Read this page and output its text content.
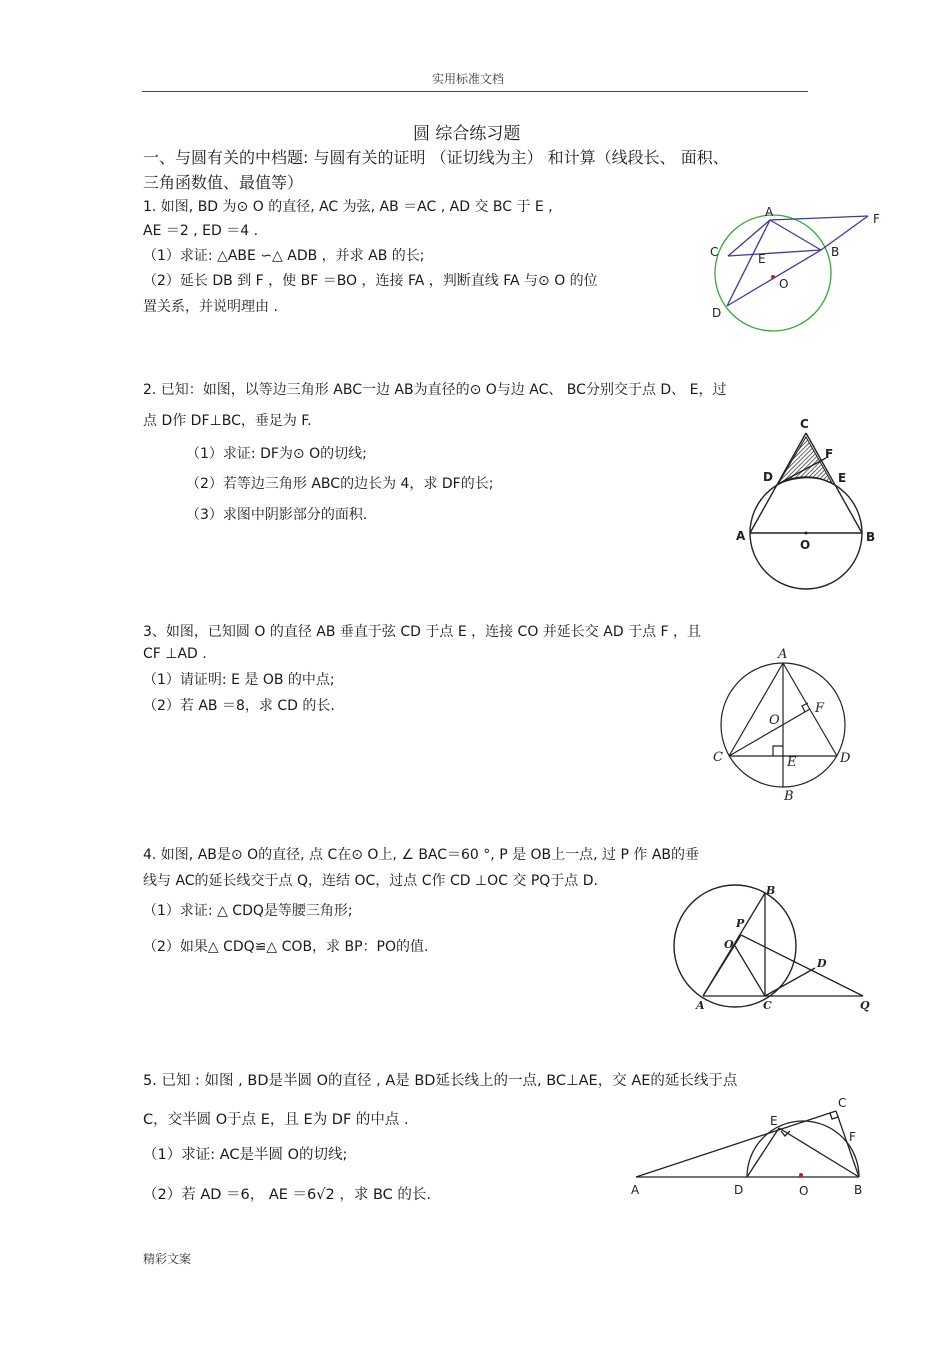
实用标准文档
圆 综合练习题
一、与圆有关的中档题: 与圆有关的证明 （证切线为主） 和计算（线段长、 面积、
三角函数值、最值等）
1. 如图, BD 为⊙ O 的直径, AC 为弦, AB ＝AC , AD 交 BC 于 E ,
AE ＝2 , ED ＝4 .
（1）求证: △ABE ∽△ ADB ，并求 AB 的长;
（2）延长 DB 到 F ，使 BF ＝BO ，连接 FA ，判断直线 FA 与⊙ O 的位
置关系，并说明理由 .
A	F
C	B
E
O
D
2. 已知：如图，以等边三角形 ABC一边 AB为直径的⊙ O与边 AC、 BC分别交于点 D、 E，过
点 D作 DF⊥BC，垂足为 F.
（1）求证: DF为⊙ O的切线;
（2）若等边三角形 ABC的边长为 4，求 DF的长;
（3）求图中阴影部分的面积.
C
F
D	E
A	B
O
3、如图，已知圆 O 的直径 AB 垂直于弦 CD 于点 E ，连接 CO 并延长交 AD 于点 F ，且
CF ⊥AD .
（1）请证明: E 是 OB 的中点;
（2）若 AB ＝8，求 CD 的长.
A
O
F
C	E	D
B
4. 如图, AB是⊙ O的直径, 点 C在⊙ O上, ∠ BAC＝60 °, P 是 OB上一点, 过 P 作 AB的垂
线与 AC的延长线交于点 Q，连结 OC，过点 C作 CD ⊥OC 交 PQ于点 D.
（1）求证: △ CDQ是等腰三角形;
（2）如果△ CDQ≌△ COB，求 BP：PO的值.
B
P
O
D
A	C	Q
5. 已知 : 如图 , BD是半圆 O的直径 , A是 BD延长线上的一点, BC⊥AE，交 AE的延长线于点
C，交半圆 O于点 E，且 E为 DF 的中点 .
（1）求证: AC是半圆 O的切线;
（2）若 AD ＝6， AE ＝6√2 ，求 BC 的长.
C
E
F
A	D	O	B
精彩文案
